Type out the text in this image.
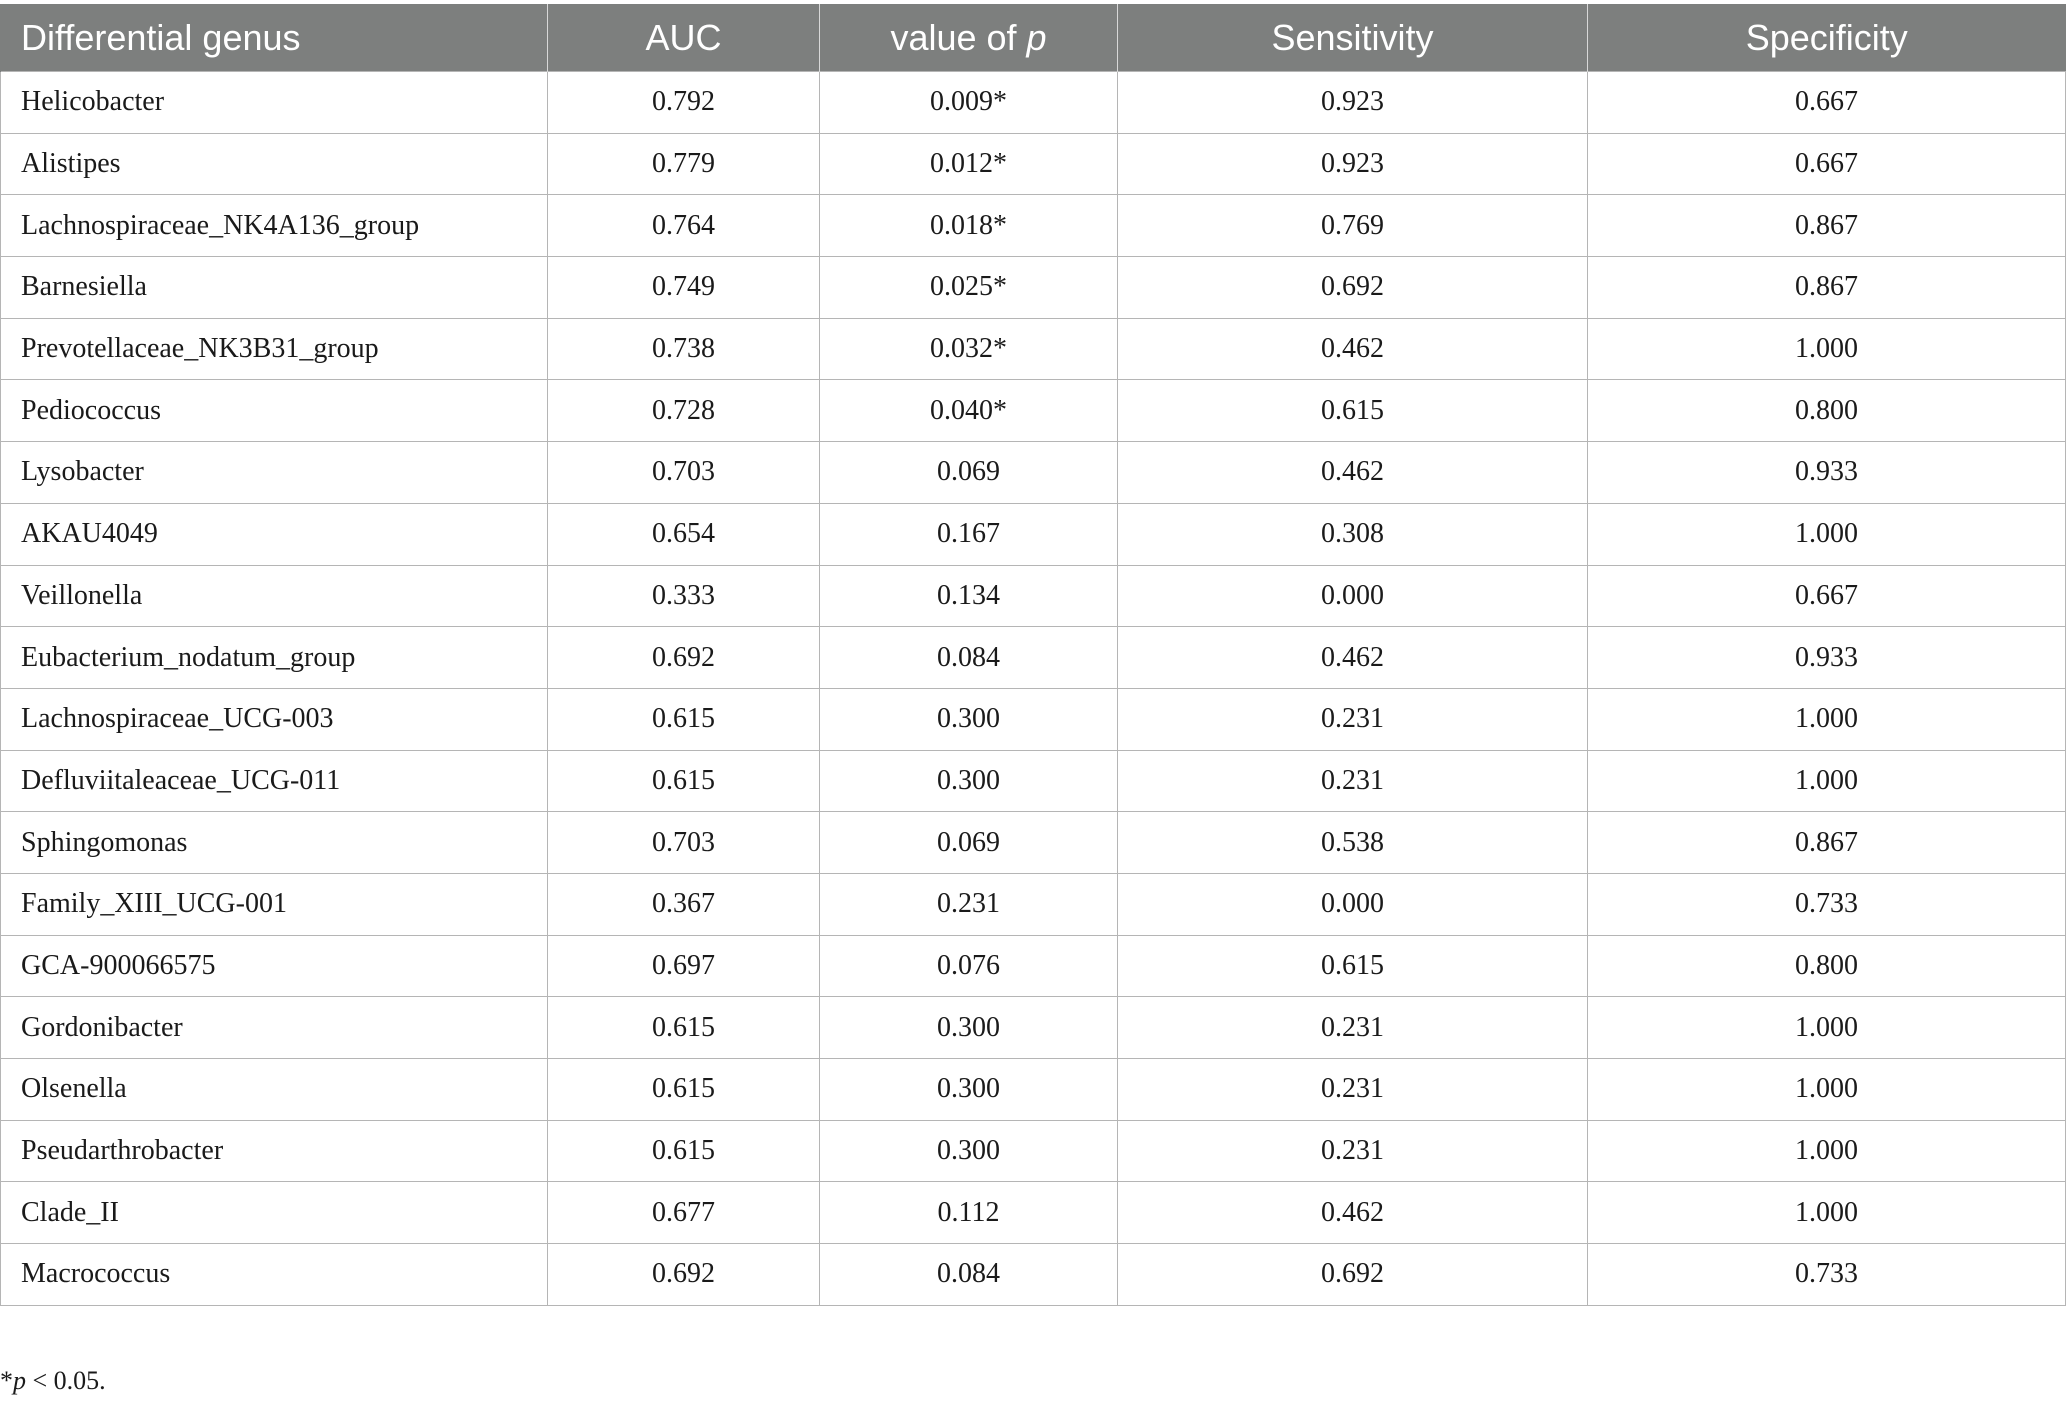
Differential genus	AUC	value of p	Sensitivity	Specificity
Helicobacter	0.792	0.009*	0.923	0.667
Alistipes	0.779	0.012*	0.923	0.667
Lachnospiraceae_NK4A136_group	0.764	0.018*	0.769	0.867
Barnesiella	0.749	0.025*	0.692	0.867
Prevotellaceae_NK3B31_group	0.738	0.032*	0.462	1.000
Pediococcus	0.728	0.040*	0.615	0.800
Lysobacter	0.703	0.069	0.462	0.933
AKAU4049	0.654	0.167	0.308	1.000
Veillonella	0.333	0.134	0.000	0.667
Eubacterium_nodatum_group	0.692	0.084	0.462	0.933
Lachnospiraceae_UCG-003	0.615	0.300	0.231	1.000
Defluviitaleaceae_UCG-011	0.615	0.300	0.231	1.000
Sphingomonas	0.703	0.069	0.538	0.867
Family_XIII_UCG-001	0.367	0.231	0.000	0.733
GCA-900066575	0.697	0.076	0.615	0.800
Gordonibacter	0.615	0.300	0.231	1.000
Olsenella	0.615	0.300	0.231	1.000
Pseudarthrobacter	0.615	0.300	0.231	1.000
Clade_II	0.677	0.112	0.462	1.000
Macrococcus	0.692	0.084	0.692	0.733
*p < 0.05.
